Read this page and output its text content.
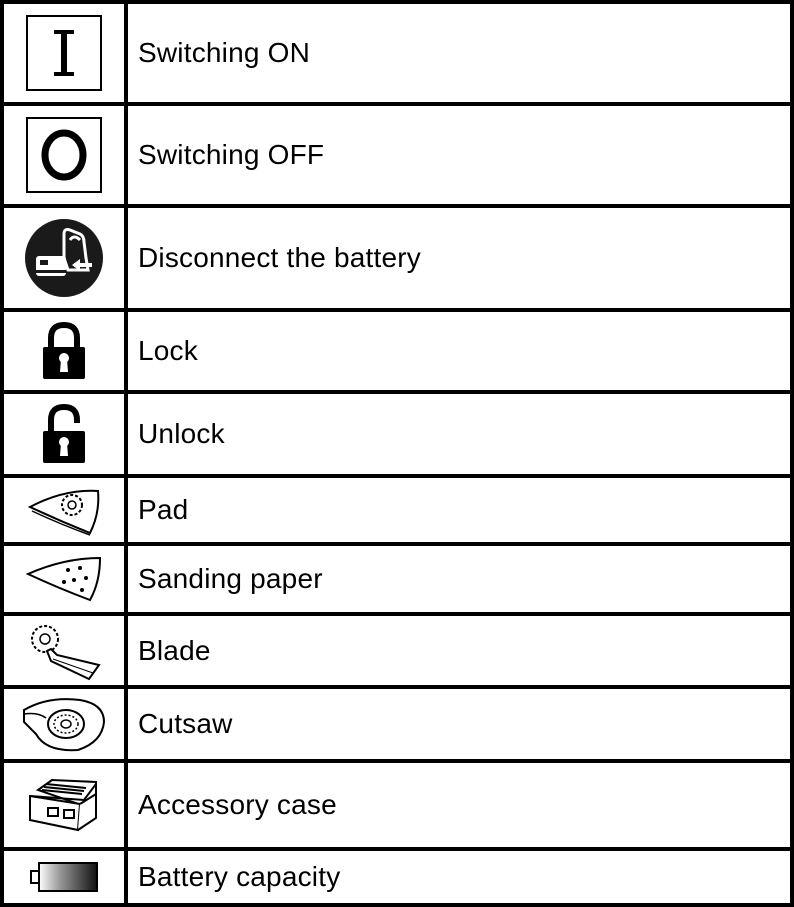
	Switching ON

	Switching OFF

	Disconnect the battery

	Lock

	Unlock

	Pad

	Sanding paper

	Blade

	Cutsaw

	Accessory case

	Battery capacity
